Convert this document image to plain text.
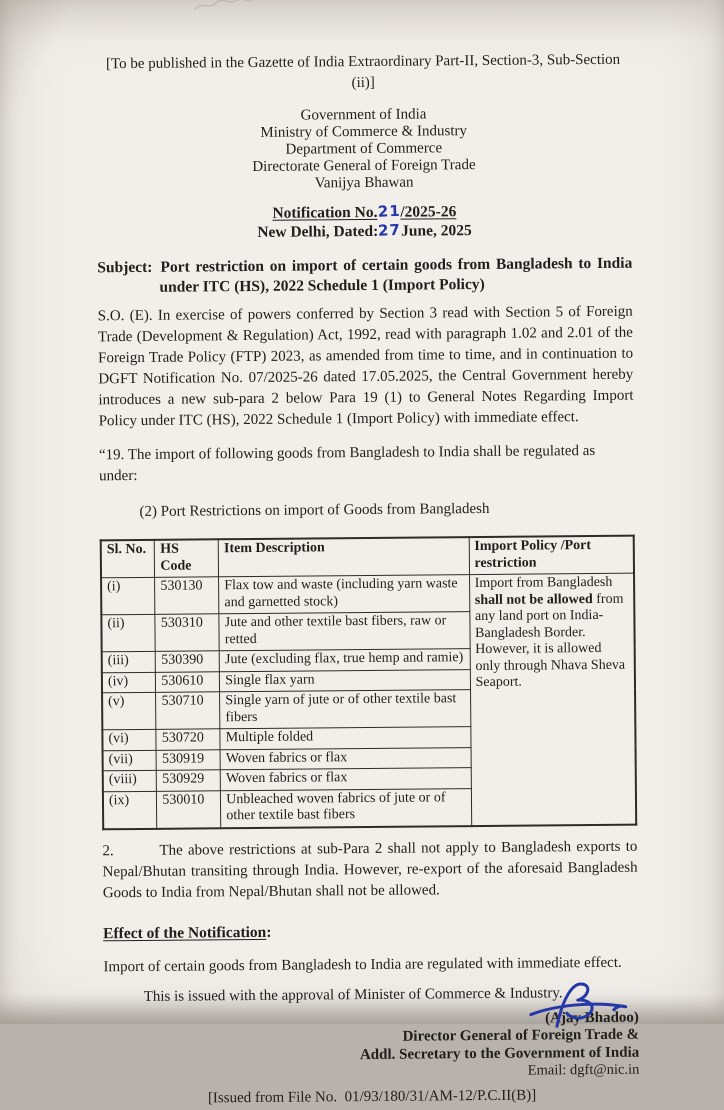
[To be published in the Gazette of India Extraordinary Part-II, Section-3, Sub-Section (ii)]
Government of India
Ministry of Commerce & Industry
Department of Commerce
Directorate General of Foreign Trade
Vanijya Bhawan
Notification No.21/2025-26
New Delhi, Dated:27June, 2025
Subject: Port restriction on import of certain goods from Bangladesh to India under ITC (HS), 2022 Schedule 1 (Import Policy)
S.O. (E). In exercise of powers conferred by Section 3 read with Section 5 of Foreign Trade (Development & Regulation) Act, 1992, read with paragraph 1.02 and 2.01 of the Foreign Trade Policy (FTP) 2023, as amended from time to time, and in continuation to DGFT Notification No. 07/2025-26 dated 17.05.2025, the Central Government hereby introduces a new sub-para 2 below Para 19 (1) to General Notes Regarding Import Policy under ITC (HS), 2022 Schedule 1 (Import Policy) with immediate effect.
“19. The import of following goods from Bangladesh to India shall be regulated as under:
(2) Port Restrictions on import of Goods from Bangladesh
Sl. No.	HS Code	Item Description	Import Policy /Port restriction
(i)	530130	Flax tow and waste (including yarn waste and garnetted stock)	Import from Bangladesh shall not be allowed from any land port on India-Bangladesh Border. However, it is allowed only through Nhava Sheva Seaport.
(ii)	530310	Jute and other textile bast fibers, raw or retted	
(iii)	530390	Jute (excluding flax, true hemp and ramie)	
(iv)	530610	Single flax yarn	
(v)	530710	Single yarn of jute or of other textile bast fibers	
(vi)	530720	Multiple folded	
(vii)	530919	Woven fabrics or flax	
(viii)	530929	Woven fabrics or flax	
(ix)	530010	Unbleached woven fabrics of jute or of other textile bast fibers	
2.	The above restrictions at sub-Para 2 shall not apply to Bangladesh exports to Nepal/Bhutan transiting through India. However, re-export of the aforesaid Bangladesh Goods to India from Nepal/Bhutan shall not be allowed.
Effect of the Notification:
Import of certain goods from Bangladesh to India are regulated with immediate effect.
This is issued with the approval of Minister of Commerce & Industry.
(Ajay Bhadoo)
Director General of Foreign Trade &
Addl. Secretary to the Government of India
Email: dgft@nic.in
[Issued from File No.  01/93/180/31/AM-12/P.C.II(B)]
